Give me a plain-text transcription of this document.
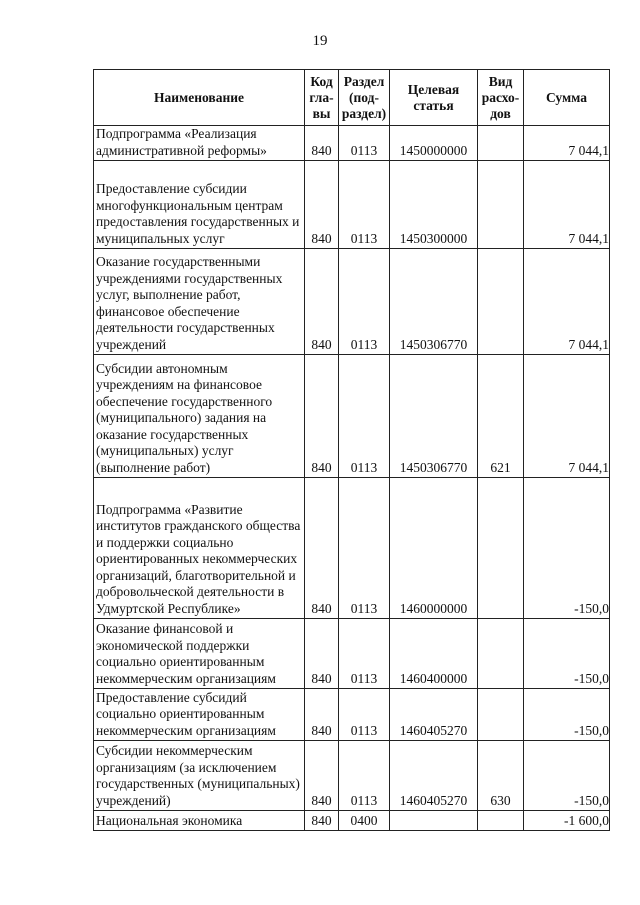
19
Наименование	Код гла-вы	Раздел (под-раздел)	Целевая статья	Вид расхо-дов	Сумма
Подпрограмма «Реализация административной реформы»	840	0113	1450000000		7 044,1
Предоставление субсидии многофункциональным центрам предоставления государственных и муниципальных услуг	840	0113	1450300000		7 044,1
Оказание государственными учреждениями государственных услуг, выполнение работ, финансовое обеспечение деятельности государственных учреждений	840	0113	1450306770		7 044,1
Субсидии автономным учреждениям на финансовое обеспечение государственного (муниципального) задания на оказание государственных (муниципальных) услуг (выполнение работ)	840	0113	1450306770	621	7 044,1
Подпрограмма «Развитие институтов гражданского общества и поддержки социально ориентированных некоммерческих организаций, благотворительной и добровольческой деятельности в Удмуртской Республике»	840	0113	1460000000		-150,0
Оказание финансовой и экономической поддержки социально ориентированным некоммерческим организациям	840	0113	1460400000		-150,0
Предоставление субсидий социально ориентированным некоммерческим организациям	840	0113	1460405270		-150,0
Субсидии некоммерческим организациям (за исключением государственных (муниципальных) учреждений)	840	0113	1460405270	630	-150,0
Национальная экономика	840	0400			-1 600,0
